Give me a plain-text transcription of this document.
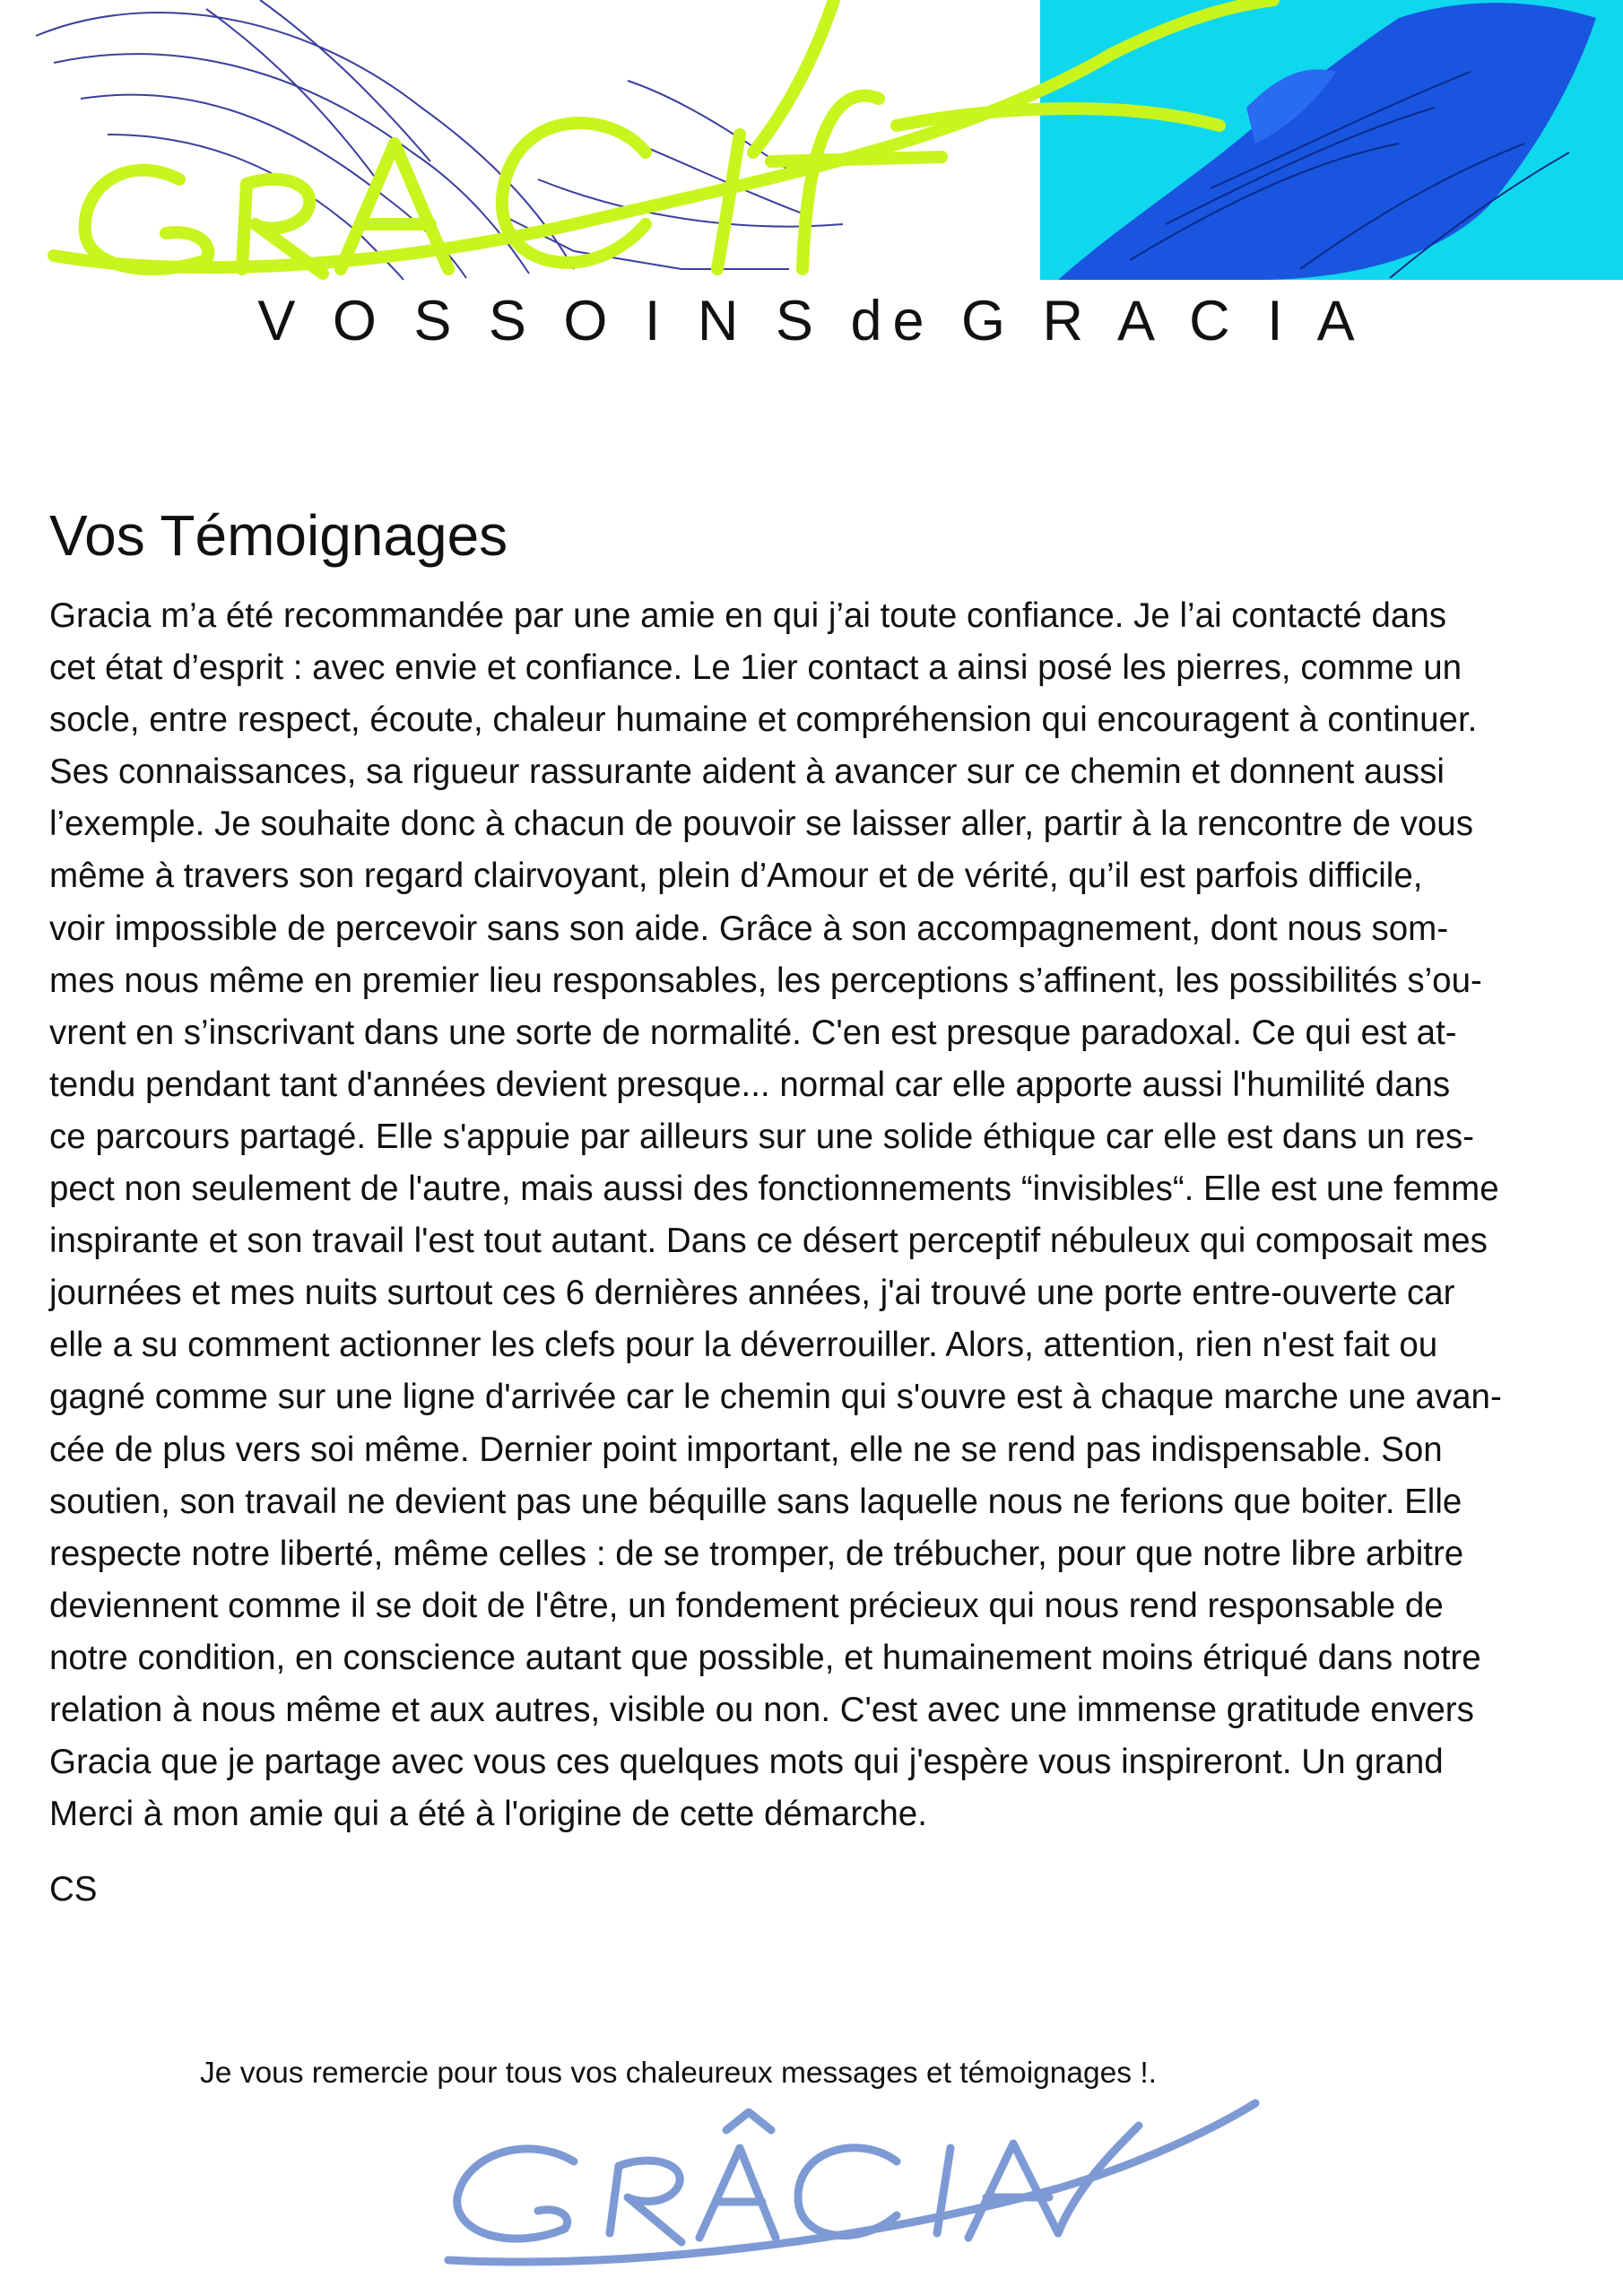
V O S S O I N S de G R A C I A
Vos Témoignages
Gracia m’a été recommandée par une amie en qui j’ai toute confiance. Je l’ai contacté dans
cet état d’esprit : avec envie et confiance. Le 1ier contact a ainsi posé les pierres, comme un
socle, entre respect, écoute, chaleur humaine et compréhension qui encouragent à continuer.
Ses connaissances, sa rigueur rassurante aident à avancer sur ce chemin et donnent aussi
l’exemple. Je souhaite donc à chacun de pouvoir se laisser aller, partir à la rencontre de vous
même à travers son regard clairvoyant, plein d’Amour et de vérité, qu’il est parfois difficile,
voir impossible de percevoir sans son aide. Grâce à son accompagnement, dont nous som-
mes nous même en premier lieu responsables, les perceptions s’affinent, les possibilités s’ou-
vrent en s’inscrivant dans une sorte de normalité. C'en est presque paradoxal. Ce qui est at-
tendu pendant tant d'années devient presque... normal car elle apporte aussi l'humilité dans
ce parcours partagé. Elle s'appuie par ailleurs sur une solide éthique car elle est dans un res-
pect non seulement de l'autre, mais aussi des fonctionnements “invisibles“. Elle est une femme
inspirante et son travail l'est tout autant. Dans ce désert perceptif nébuleux qui composait mes
journées et mes nuits surtout ces 6 dernières années, j'ai trouvé une porte entre-ouverte car
elle a su comment actionner les clefs pour la déverrouiller. Alors, attention, rien n'est fait ou
gagné comme sur une ligne d'arrivée car le chemin qui s'ouvre est à chaque marche une avan-
cée de plus vers soi même. Dernier point important, elle ne se rend pas indispensable. Son
soutien, son travail ne devient pas une béquille sans laquelle nous ne ferions que boiter. Elle
respecte notre liberté, même celles : de se tromper, de trébucher, pour que notre libre arbitre
deviennent comme il se doit de l'être, un fondement précieux qui nous rend responsable de
notre condition, en conscience autant que possible, et humainement moins étriqué dans notre
relation à nous même et aux autres, visible ou non. C'est avec une immense gratitude envers
Gracia que je partage avec vous ces quelques mots qui j'espère vous inspireront. Un grand
Merci à mon amie qui a été à l'origine de cette démarche.

CS

Je vous remercie pour tous vos chaleureux messages et témoignages !.
